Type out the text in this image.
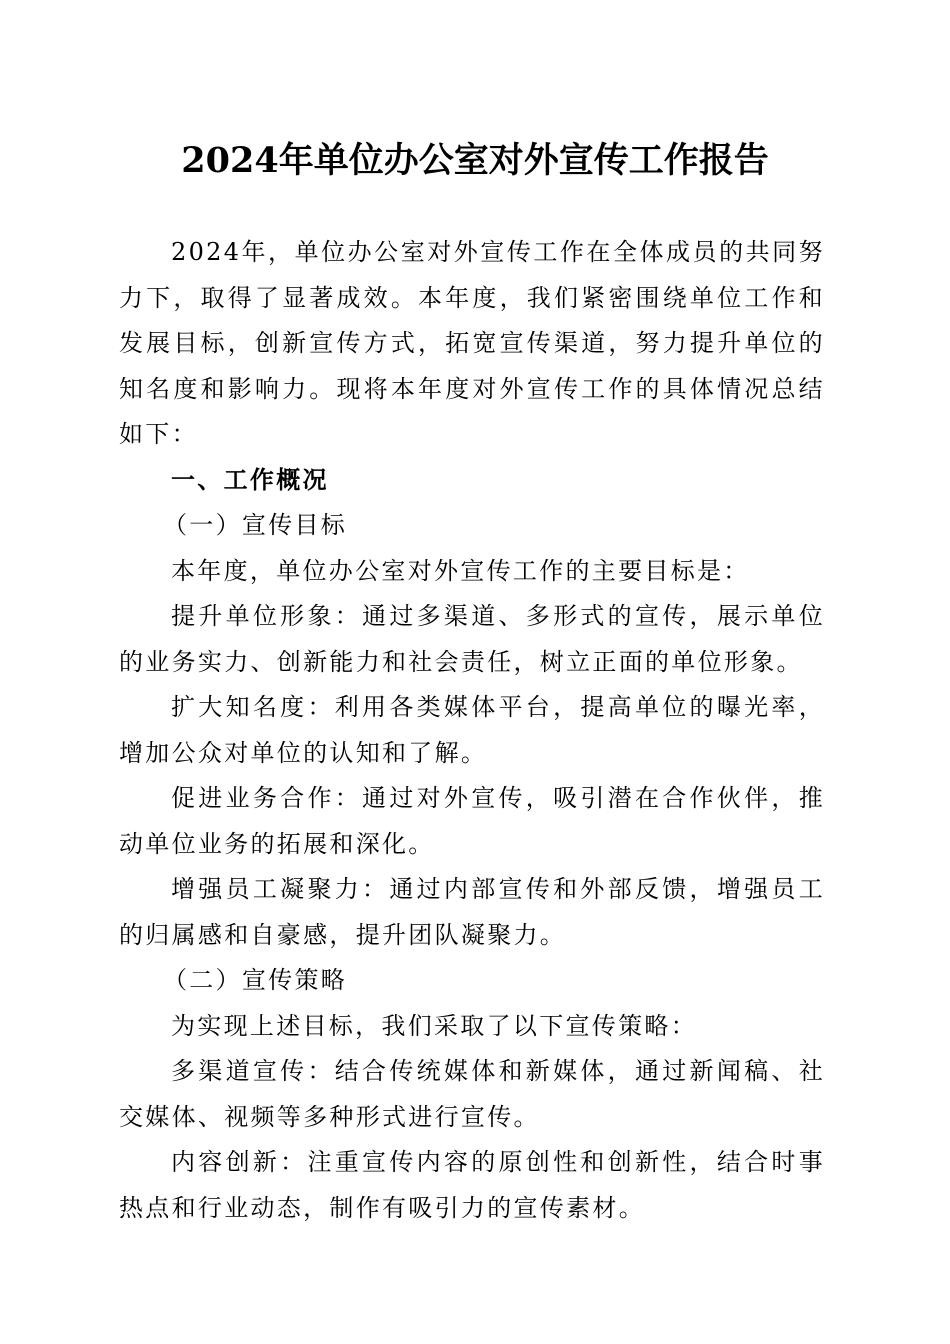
2024年单位办公室对外宣传工作报告

2024年，单位办公室对外宣传工作在全体成员的共同努力下，取得了显著成效。本年度，我们紧密围绕单位工作和发展目标，创新宣传方式，拓宽宣传渠道，努力提升单位的知名度和影响力。现将本年度对外宣传工作的具体情况总结如下：

一、工作概况

（一）宣传目标

本年度，单位办公室对外宣传工作的主要目标是：

提升单位形象：通过多渠道、多形式的宣传，展示单位的业务实力、创新能力和社会责任，树立正面的单位形象。

扩大知名度：利用各类媒体平台，提高单位的曝光率，增加公众对单位的认知和了解。

促进业务合作：通过对外宣传，吸引潜在合作伙伴，推动单位业务的拓展和深化。

增强员工凝聚力：通过内部宣传和外部反馈，增强员工的归属感和自豪感，提升团队凝聚力。

（二）宣传策略

为实现上述目标，我们采取了以下宣传策略：

多渠道宣传：结合传统媒体和新媒体，通过新闻稿、社交媒体、视频等多种形式进行宣传。

内容创新：注重宣传内容的原创性和创新性，结合时事热点和行业动态，制作有吸引力的宣传素材。
